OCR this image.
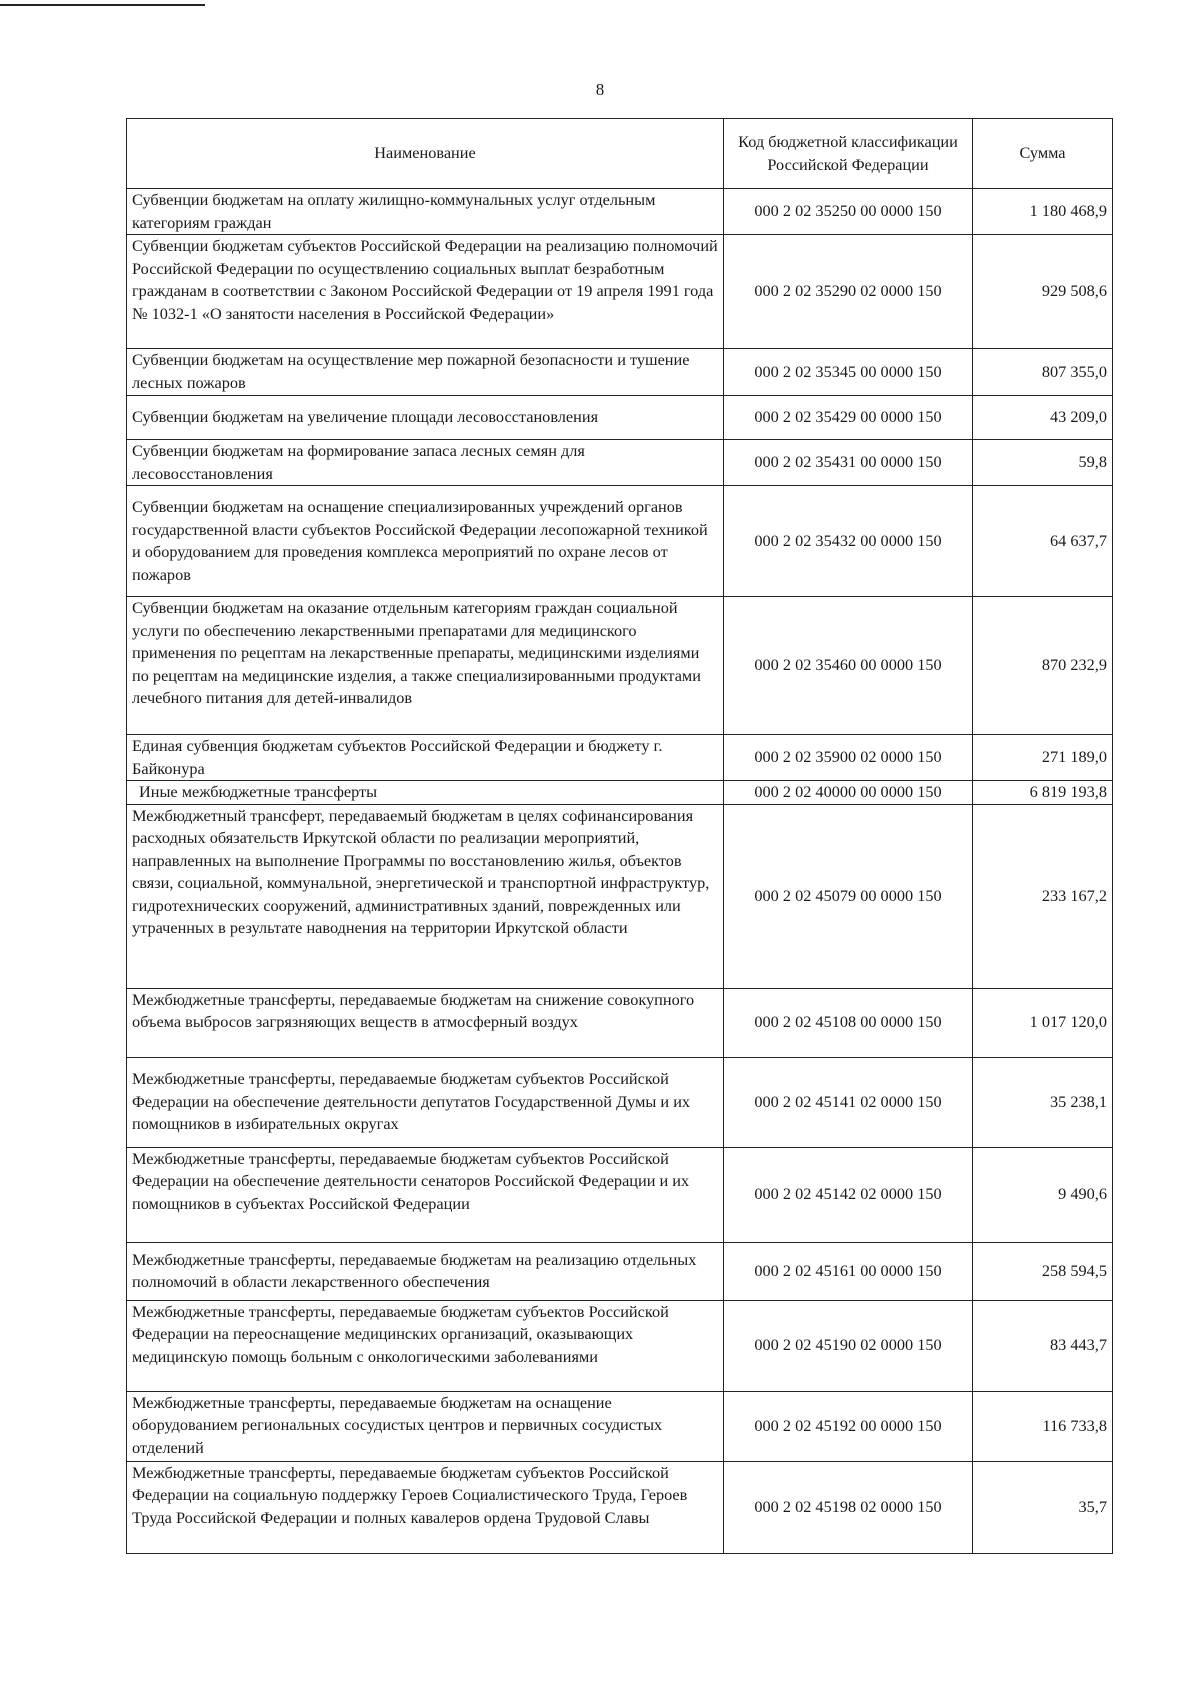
8
Наименование	Код бюджетной классификации Российской Федерации	Сумма
Субвенции бюджетам на оплату жилищно-коммунальных услуг отдельным категориям граждан	000 2 02 35250 00 0000 150	1 180 468,9
Субвенции бюджетам субъектов Российской Федерации на реализацию полномочий Российской Федерации по осуществлению социальных выплат безработным гражданам в соответствии с Законом Российской Федерации от 19 апреля 1991 года № 1032-1 «О занятости населения в Российской Федерации»	000 2 02 35290 02 0000 150	929 508,6
Субвенции бюджетам на осуществление мер пожарной безопасности и тушение лесных пожаров	000 2 02 35345 00 0000 150	807 355,0
Субвенции бюджетам на увеличение площади лесовосстановления	000 2 02 35429 00 0000 150	43 209,0
Субвенции бюджетам на формирование запаса лесных семян для лесовосстановления	000 2 02 35431 00 0000 150	59,8
Субвенции бюджетам на оснащение специализированных учреждений органов государственной власти субъектов Российской Федерации лесопожарной техникой и оборудованием для проведения комплекса мероприятий по охране лесов от пожаров	000 2 02 35432 00 0000 150	64 637,7
Субвенции бюджетам на оказание отдельным категориям граждан социальной услуги по обеспечению лекарственными препаратами для медицинского применения по рецептам на лекарственные препараты, медицинскими изделиями по рецептам на медицинские изделия, а также специализированными продуктами лечебного питания для детей-инвалидов	000 2 02 35460 00 0000 150	870 232,9
Единая субвенция бюджетам субъектов Российской Федерации и бюджету г. Байконура	000 2 02 35900 02 0000 150	271 189,0
Иные межбюджетные трансферты	000 2 02 40000 00 0000 150	6 819 193,8
Межбюджетный трансферт, передаваемый бюджетам в целях софинансирования расходных обязательств Иркутской области по реализации мероприятий, направленных на выполнение Программы по восстановлению жилья, объектов связи, социальной, коммунальной, энергетической и транспортной инфраструктур, гидротехнических сооружений, административных зданий, поврежденных или утраченных в результате наводнения на территории Иркутской области	000 2 02 45079 00 0000 150	233 167,2
Межбюджетные трансферты, передаваемые бюджетам на снижение совокупного объема выбросов загрязняющих веществ в атмосферный воздух	000 2 02 45108 00 0000 150	1 017 120,0
Межбюджетные трансферты, передаваемые бюджетам субъектов Российской Федерации на обеспечение деятельности депутатов Государственной Думы и их помощников в избирательных округах	000 2 02 45141 02 0000 150	35 238,1
Межбюджетные трансферты, передаваемые бюджетам субъектов Российской Федерации на обеспечение деятельности сенаторов Российской Федерации и их помощников в субъектах Российской Федерации	000 2 02 45142 02 0000 150	9 490,6
Межбюджетные трансферты, передаваемые бюджетам на реализацию отдельных полномочий в области лекарственного обеспечения	000 2 02 45161 00 0000 150	258 594,5
Межбюджетные трансферты, передаваемые бюджетам субъектов Российской Федерации на переоснащение медицинских организаций, оказывающих медицинскую помощь больным с онкологическими заболеваниями	000 2 02 45190 02 0000 150	83 443,7
Межбюджетные трансферты, передаваемые бюджетам на оснащение оборудованием региональных сосудистых центров и первичных сосудистых отделений	000 2 02 45192 00 0000 150	116 733,8
Межбюджетные трансферты, передаваемые бюджетам субъектов Российской Федерации на социальную поддержку Героев Социалистического Труда, Героев Труда Российской Федерации и полных кавалеров ордена Трудовой Славы	000 2 02 45198 02 0000 150	35,7
